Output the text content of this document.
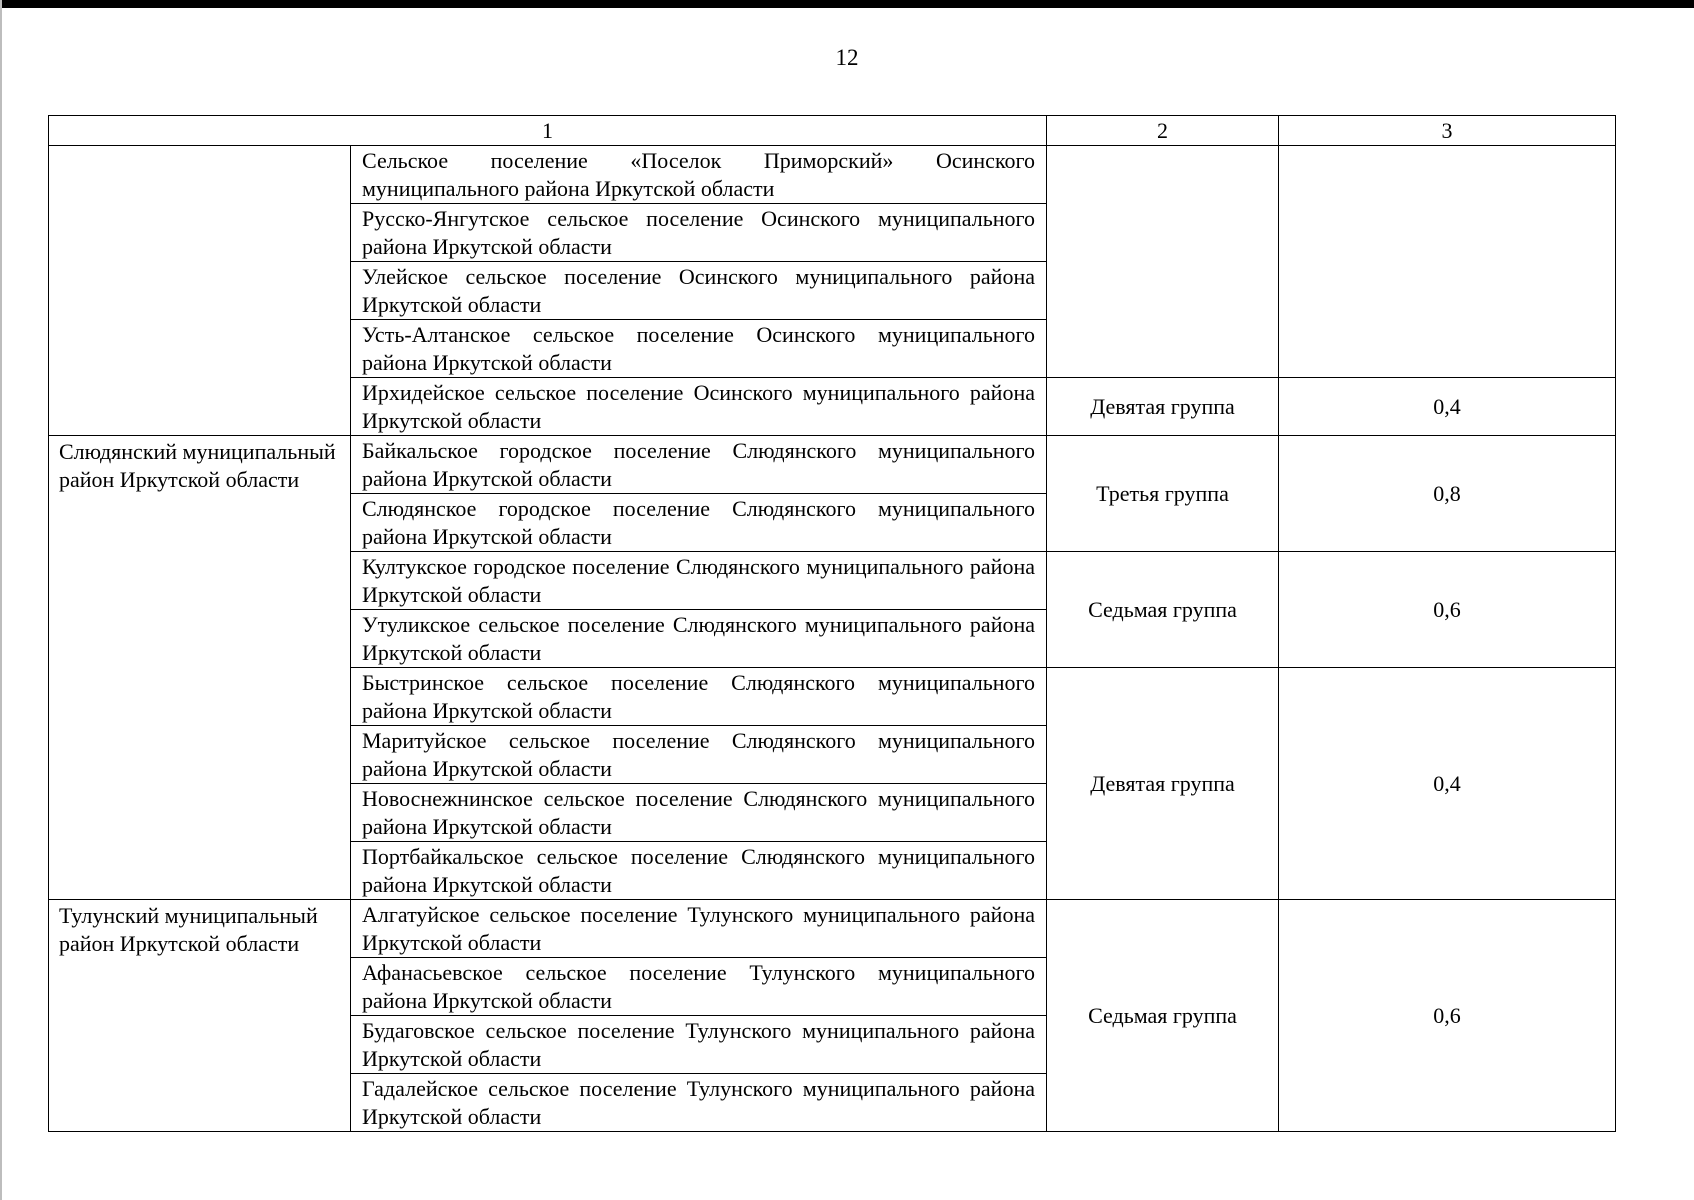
12
1		2	3
	Сельское поселение «Поселок Приморский» Осинского муниципального района Иркутской области		
	Русско-Янгутское сельское поселение Осинского муниципального района Иркутской области		
	Улейское сельское поселение Осинского муниципального района Иркутской области		
	Усть-Алтанское сельское поселение Осинского муниципального района Иркутской области		
	Ирхидейское сельское поселение Осинского муниципального района Иркутской области	Девятая группа	0,4
Слюдянский муниципальный район Иркутской области	Байкальское городское поселение Слюдянского муниципального района Иркутской области	Третья группа	0,8
	Слюдянское городское поселение Слюдянского муниципального района Иркутской области		
	Култукское городское поселение Слюдянского муниципального района Иркутской области	Седьмая группа	0,6
	Утуликское сельское поселение Слюдянского муниципального района Иркутской области		
	Быстринское сельское поселение Слюдянского муниципального района Иркутской области	Девятая группа	0,4
	Маритуйское сельское поселение Слюдянского муниципального района Иркутской области		
	Новоснежнинское сельское поселение Слюдянского муниципального района Иркутской области		
	Портбайкальское сельское поселение Слюдянского муниципального района Иркутской области		
Тулунский муниципальный район Иркутской области	Алгатуйское сельское поселение Тулунского муниципального района Иркутской области	Седьмая группа	0,6
	Афанасьевское сельское поселение Тулунского муниципального района Иркутской области		
	Будаговское сельское поселение Тулунского муниципального района Иркутской области		
	Гадалейское сельское поселение Тулунского муниципального района Иркутской области		
